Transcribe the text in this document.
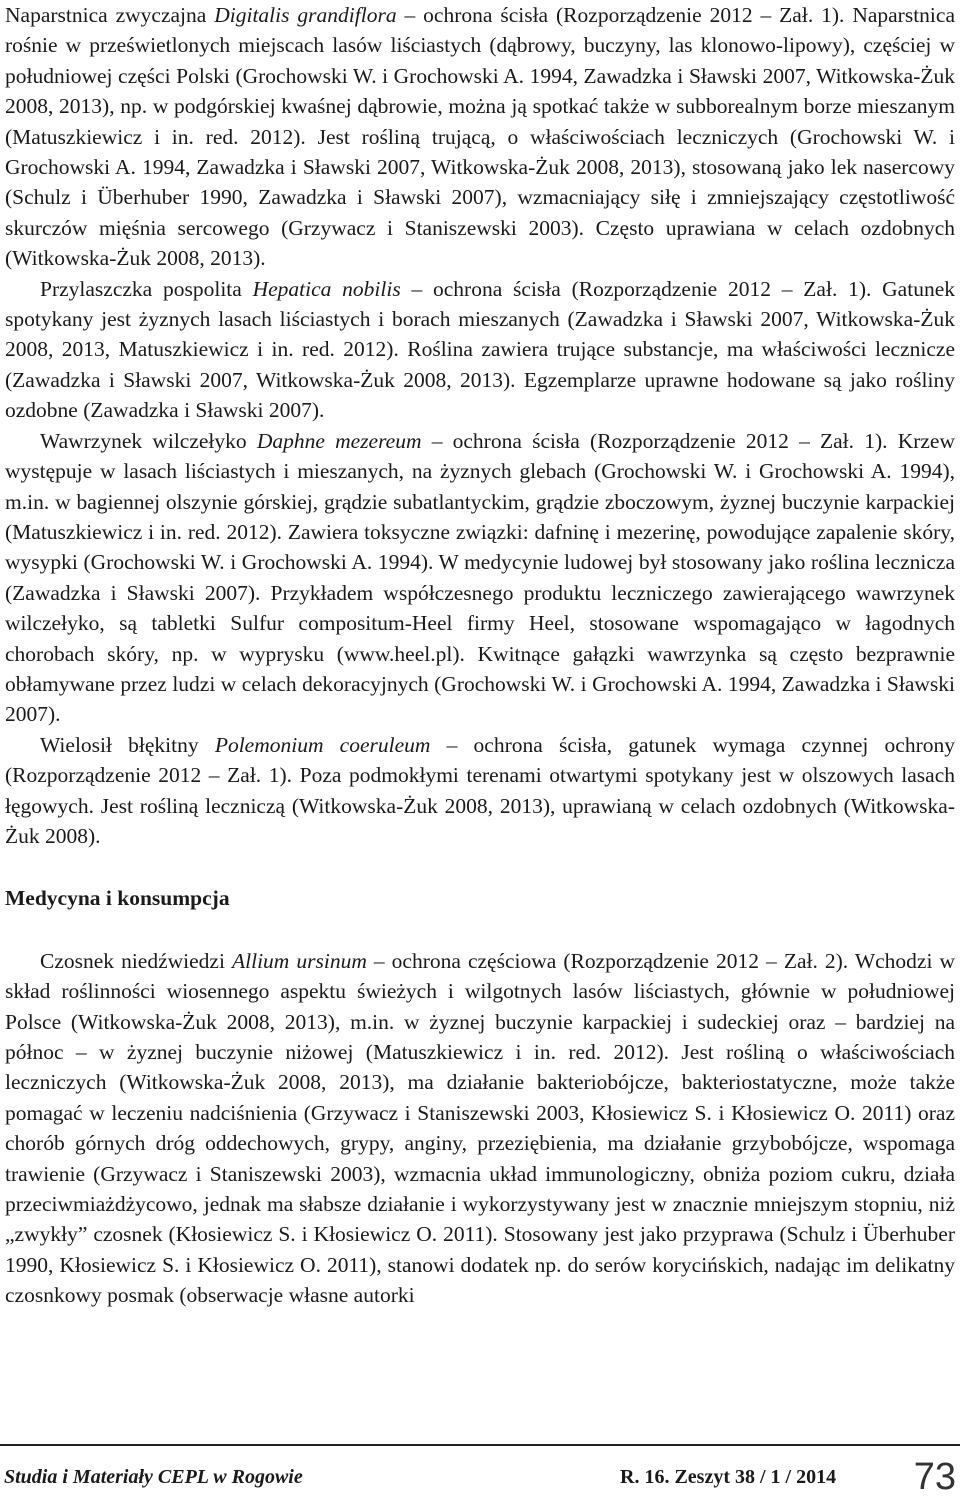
Naparstnica zwyczajna Digitalis grandiflora – ochrona ścisła (Rozporządzenie 2012 – Zał. 1). Naparstnica rośnie w prześwietlonych miejscach lasów liściastych (dąbrowy, buczyny, las klonowo-lipowy), częściej w południowej części Polski (Grochowski W. i Grochowski A. 1994, Zawadzka i Sławski 2007, Witkowska-Żuk 2008, 2013), np. w podgórskiej kwaśnej dąbrowie, można ją spotkać także w subborealnym borze mieszanym (Matuszkiewicz i in. red. 2012). Jest rośliną trującą, o właściwościach leczniczych (Grochowski W. i Grochowski A. 1994, Zawadzka i Sławski 2007, Witkowska-Żuk 2008, 2013), stosowaną jako lek nasercowy (Schulz i Überhuber 1990, Zawadzka i Sławski 2007), wzmacniający siłę i zmniejszający częstotliwość skurczów mięśnia sercowego (Grzywacz i Staniszewski 2003). Często uprawiana w celach ozdobnych (Witkowska-Żuk 2008, 2013).

Przylaszczka pospolita Hepatica nobilis – ochrona ścisła (Rozporządzenie 2012 – Zał. 1). Gatunek spotykany jest żyznych lasach liściastych i borach mieszanych (Zawadzka i Sławski 2007, Witkowska-Żuk 2008, 2013, Matuszkiewicz i in. red. 2012). Roślina zawiera trujące substancje, ma właściwości lecznicze (Zawadzka i Sławski 2007, Witkowska-Żuk 2008, 2013). Egzemplarze uprawne hodowane są jako rośliny ozdobne (Zawadzka i Sławski 2007).

Wawrzynek wilczełyko Daphne mezereum – ochrona ścisła (Rozporządzenie 2012 – Zał. 1). Krzew występuje w lasach liściastych i mieszanych, na żyznych glebach (Grochowski W. i Grochowski A. 1994), m.in. w bagiennej olszynie górskiej, grądzie subatlantyckim, grądzie zboczowym, żyznej buczynie karpackiej (Matuszkiewicz i in. red. 2012). Zawiera toksyczne związki: dafninę i mezerinę, powodujące zapalenie skóry, wysypki (Grochowski W. i Grochowski A. 1994). W medycynie ludowej był stosowany jako roślina lecznicza (Zawadzka i Sławski 2007). Przykładem współczesnego produktu leczniczego zawierającego wawrzynek wilczełyko, są tabletki Sulfur compositum-Heel firmy Heel, stosowane wspomagająco w łagodnych chorobach skóry, np. w wyprysku (www.heel.pl). Kwitnące gałązki wawrzynka są często bezprawnie obłamywane przez ludzi w celach dekoracyjnych (Grochowski W. i Grochowski A. 1994, Zawadzka i Sławski 2007).

Wielosił błękitny Polemonium coeruleum – ochrona ścisła, gatunek wymaga czynnej ochrony (Rozporządzenie 2012 – Zał. 1). Poza podmokłymi terenami otwartymi spotykany jest w olszowych lasach łęgowych. Jest rośliną leczniczą (Witkowska-Żuk 2008, 2013), uprawianą w celach ozdobnych (Witkowska-Żuk 2008).

Medycyna i konsumpcja

Czosnek niedźwiedzi Allium ursinum – ochrona częściowa (Rozporządzenie 2012 – Zał. 2). Wchodzi w skład roślinności wiosennego aspektu świeżych i wilgotnych lasów liściastych, głównie w południowej Polsce (Witkowska-Żuk 2008, 2013), m.in. w żyznej buczynie karpackiej i sudeckiej oraz – bardziej na północ – w żyznej buczynie niżowej (Matuszkiewicz i in. red. 2012). Jest rośliną o właściwościach leczniczych (Witkowska-Żuk 2008, 2013), ma działanie bakteriobójcze, bakteriostatyczne, może także pomagać w leczeniu nadciśnienia (Grzywacz i Staniszewski 2003, Kłosiewicz S. i Kłosiewicz O. 2011) oraz chorób górnych dróg oddechowych, grypy, anginy, przeziębienia, ma działanie grzybobójcze, wspomaga trawienie (Grzywacz i Staniszewski 2003), wzmacnia układ immunologiczny, obniża poziom cukru, działa przeciwmiażdżycowo, jednak ma słabsze działanie i wykorzystywany jest w znacznie mniejszym stopniu, niż „zwykły” czosnek (Kłosiewicz S. i Kłosiewicz O. 2011). Stosowany jest jako przyprawa (Schulz i Überhuber 1990, Kłosiewicz S. i Kłosiewicz O. 2011), stanowi dodatek np. do serów korycińskich, nadając im delikatny czosnkowy posmak (obserwacje własne autorki

Studia i Materiały CEPL w Rogowie	R. 16. Zeszyt 38 / 1 / 2014 73
